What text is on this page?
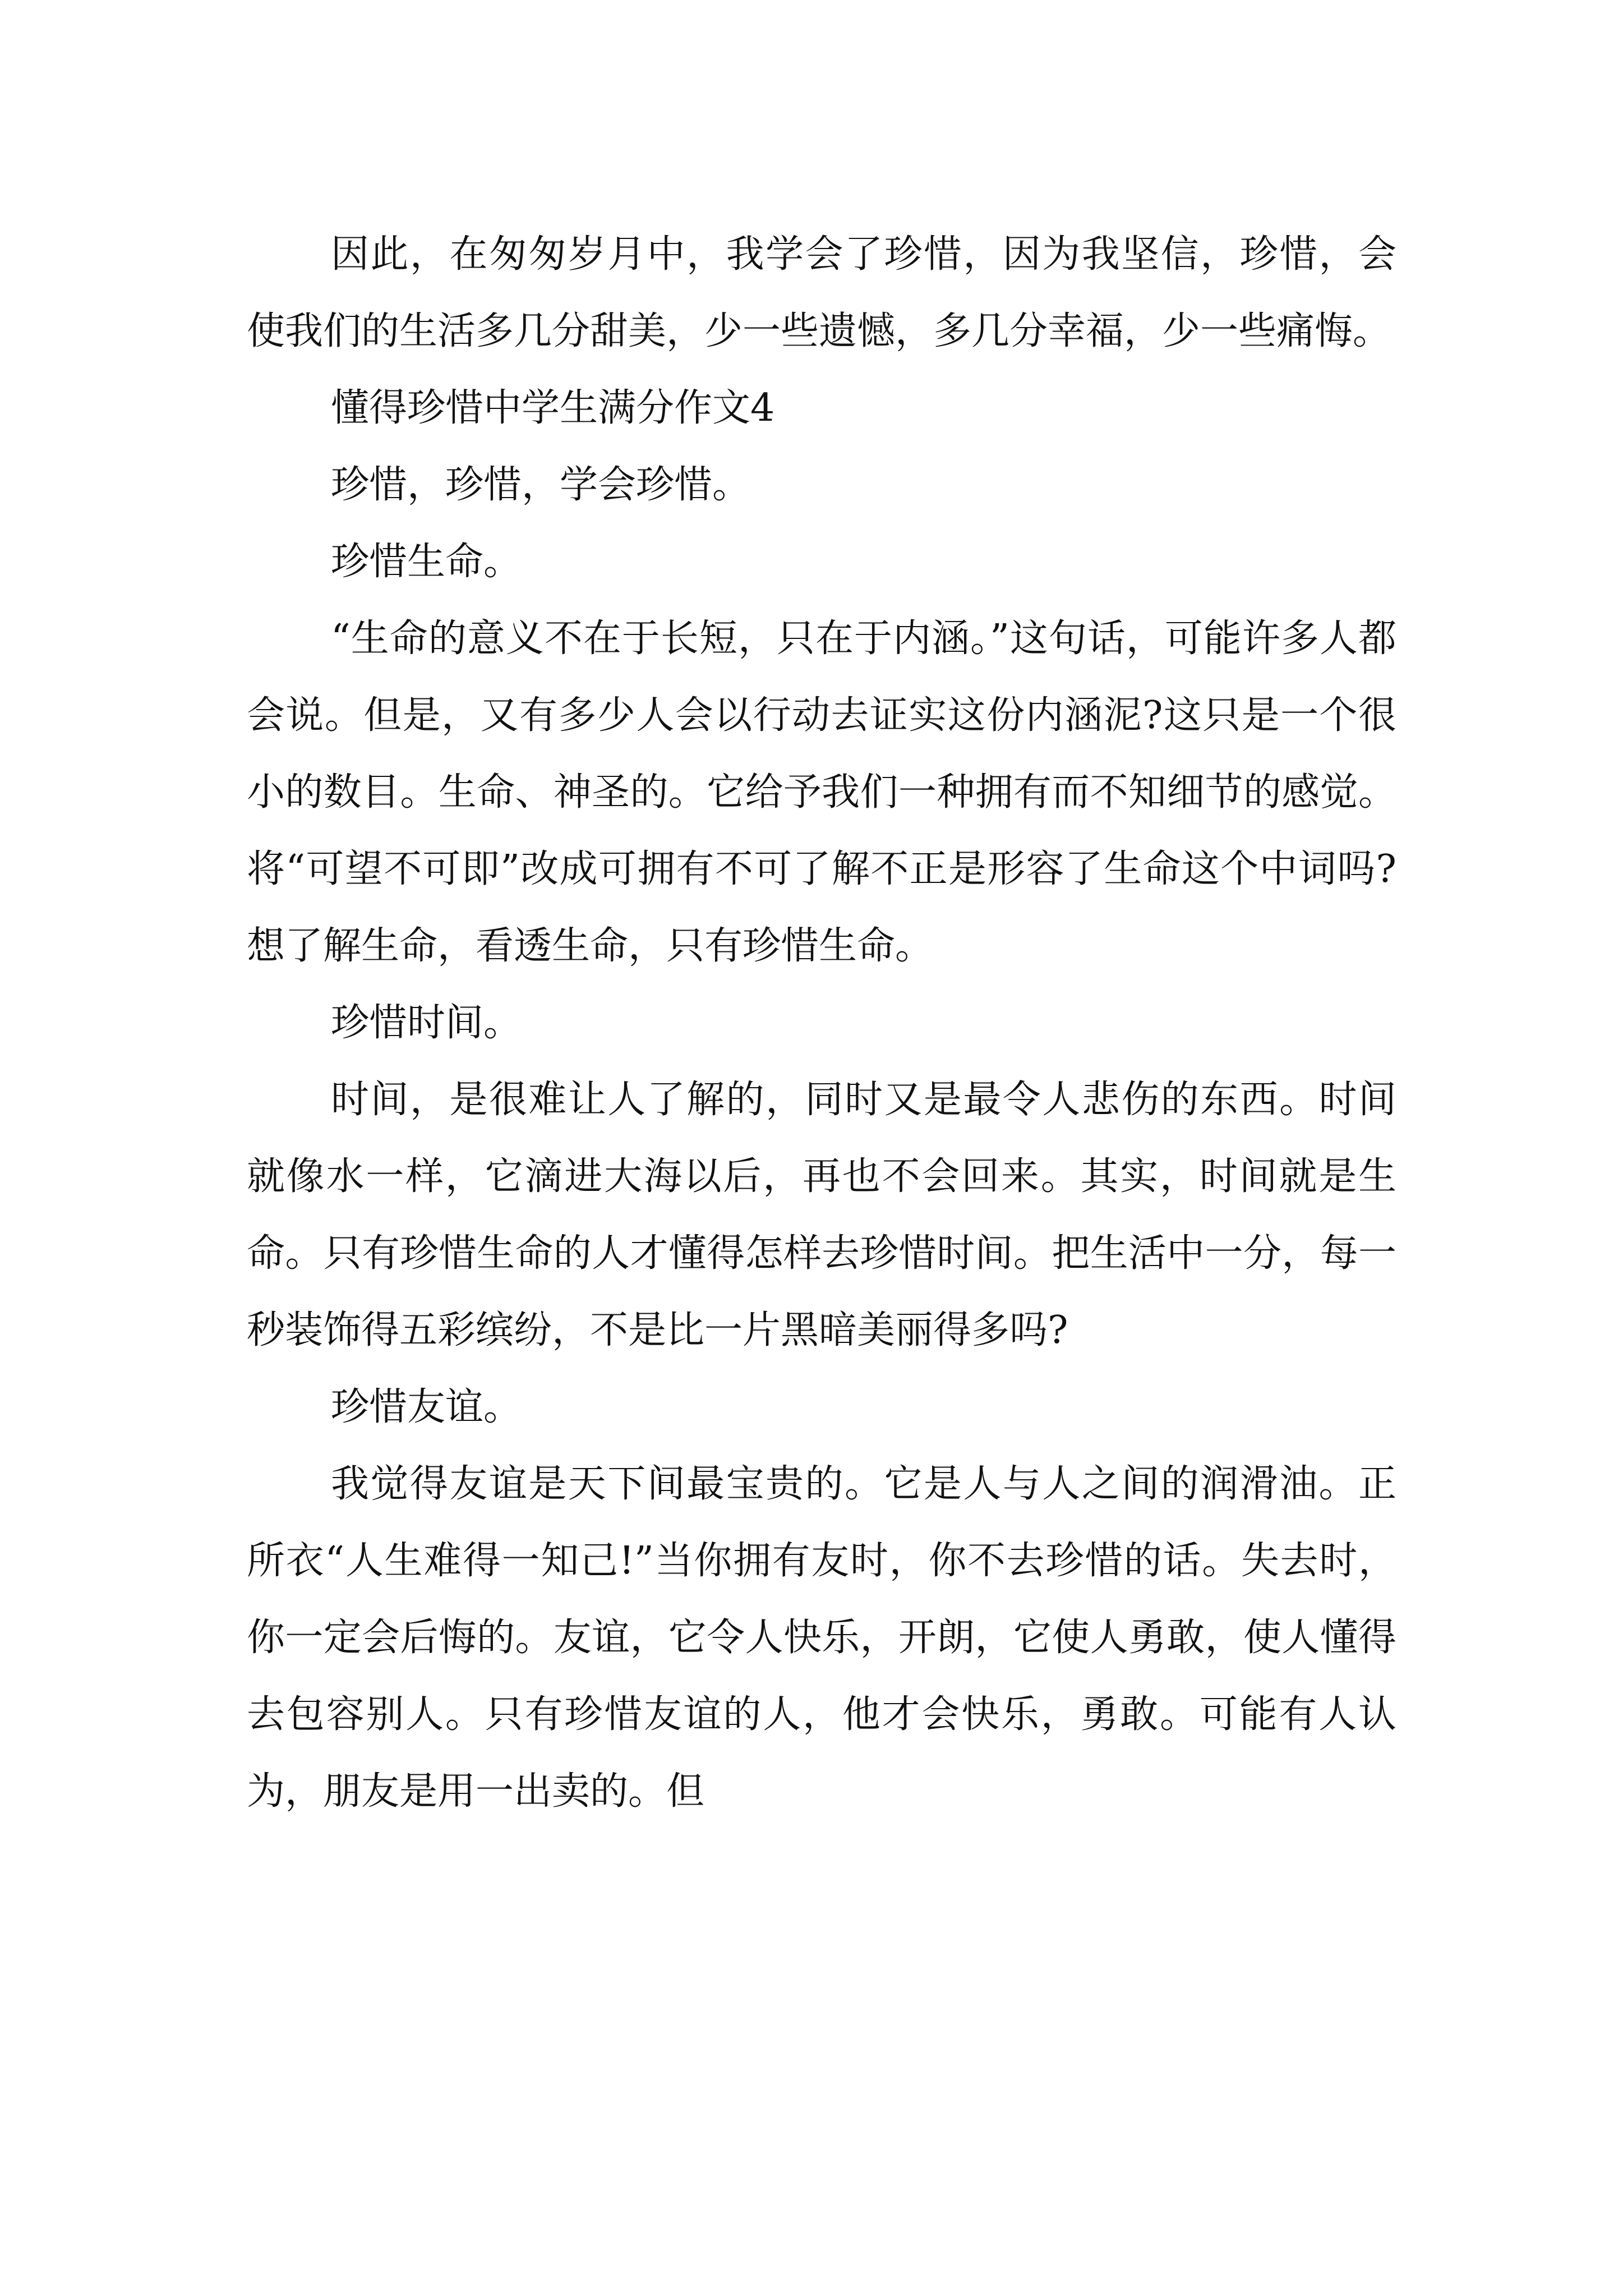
因此，在匆匆岁月中，我学会了珍惜，因为我坚信，珍惜，会使我们的生活多几分甜美，少一些遗憾，多几分幸福，少一些痛悔。

懂得珍惜中学生满分作文4

珍惜，珍惜，学会珍惜。

珍惜生命。

“生命的意义不在于长短，只在于内涵。”这句话，可能许多人都会说。但是，又有多少人会以行动去证实这份内涵泥?这只是一个很小的数目。生命、神圣的。它给予我们一种拥有而不知细节的感觉。将“可望不可即”改成可拥有不可了解不正是形容了生命这个中词吗?想了解生命，看透生命，只有珍惜生命。

珍惜时间。

时间，是很难让人了解的，同时又是最令人悲伤的东西。时间就像水一样，它滴进大海以后，再也不会回来。其实，时间就是生命。只有珍惜生命的人才懂得怎样去珍惜时间。把生活中一分，每一秒装饰得五彩缤纷，不是比一片黑暗美丽得多吗?

珍惜友谊。

我觉得友谊是天下间最宝贵的。它是人与人之间的润滑油。正所衣“人生难得一知己!”当你拥有友时，你不去珍惜的话。失去时，你一定会后悔的。友谊，它令人快乐，开朗，它使人勇敢，使人懂得去包容别人。只有珍惜友谊的人，他才会快乐，勇敢。可能有人认为，朋友是用一出卖的。但
